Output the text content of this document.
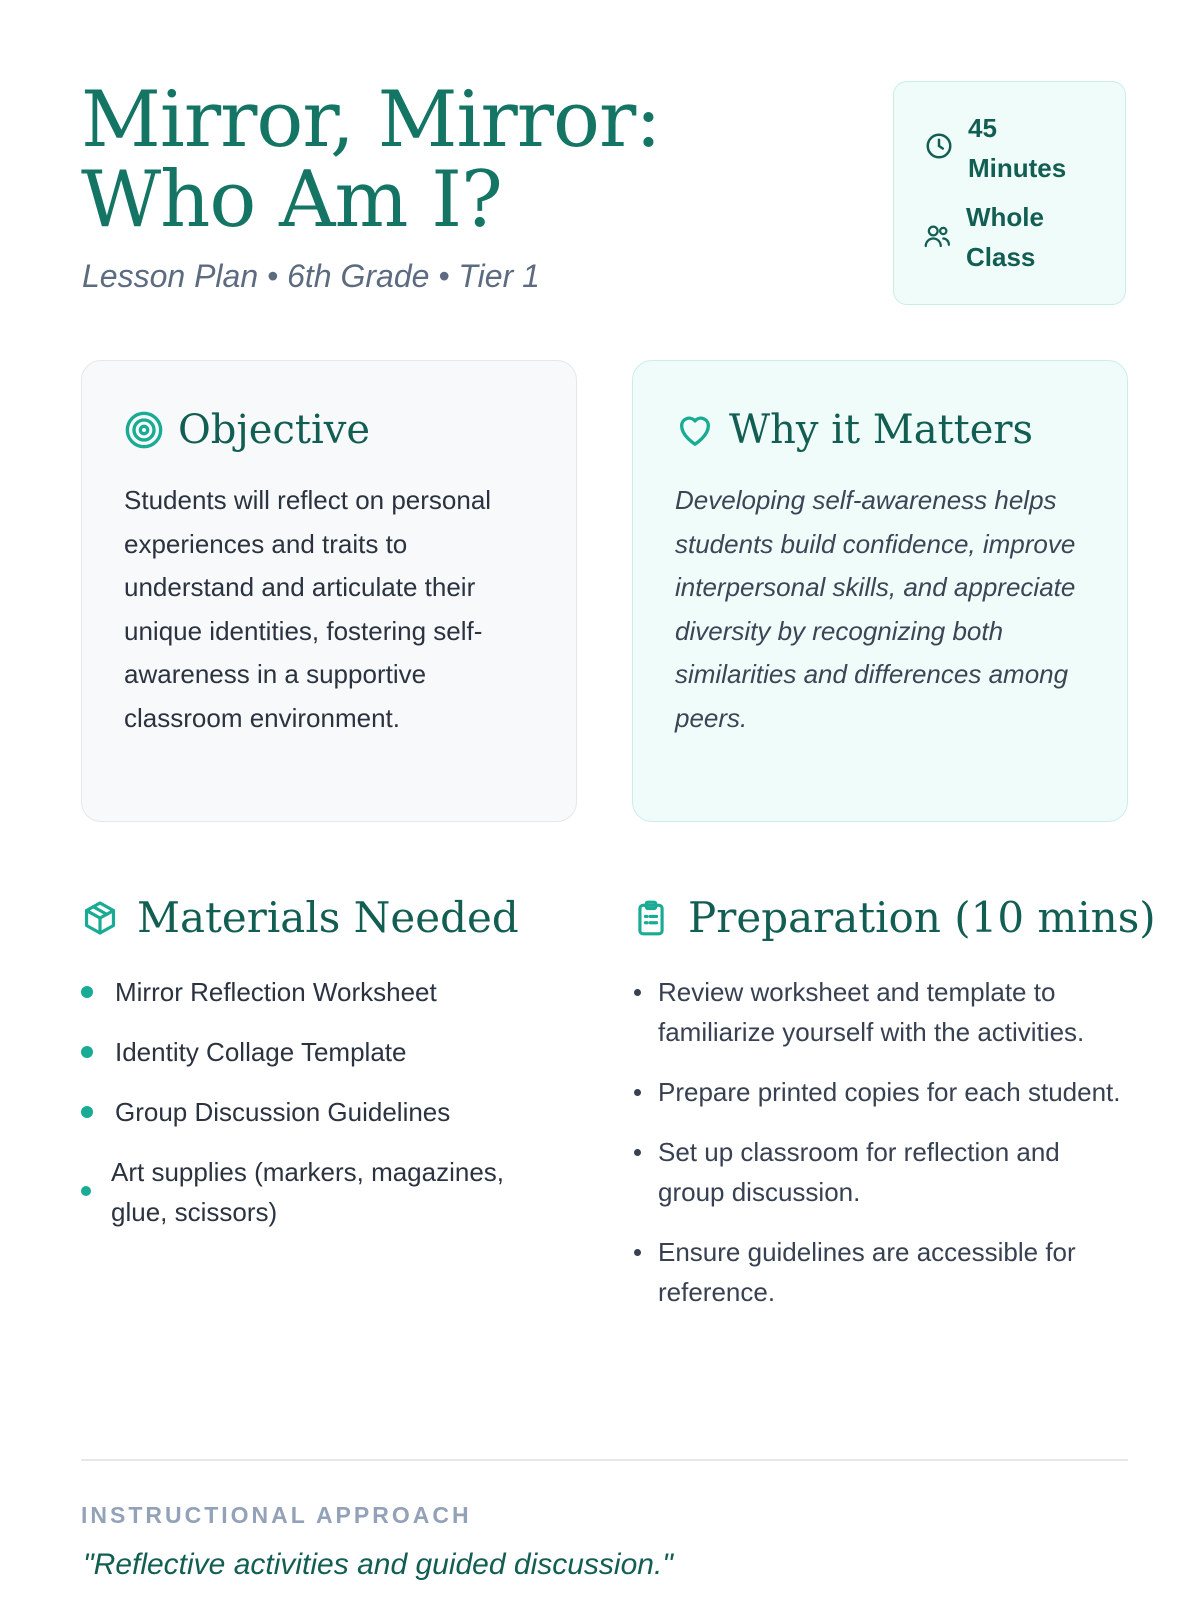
Mirror, Mirror: Who Am I?
Lesson Plan • 6th Grade • Tier 1
45 Minutes
Whole Class
Objective

Students will reflect on personal experiences and traits to understand and articulate their unique identities, fostering self-awareness in a supportive classroom environment.

Why it Matters

Developing self-awareness helps students build confidence, improve interpersonal skills, and appreciate diversity by recognizing both similarities and differences among peers.

Materials Needed	Preparation (10 mins)
Mirror Reflection Worksheet
Identity Collage Template
Group Discussion Guidelines
Art supplies (markers, magazines, glue, scissors)
Review worksheet and template to familiarize yourself with the activities.
Prepare printed copies for each student.
Set up classroom for reflection and group discussion.
Ensure guidelines are accessible for reference.
INSTRUCTIONAL APPROACH
"Reflective activities and guided discussion."
